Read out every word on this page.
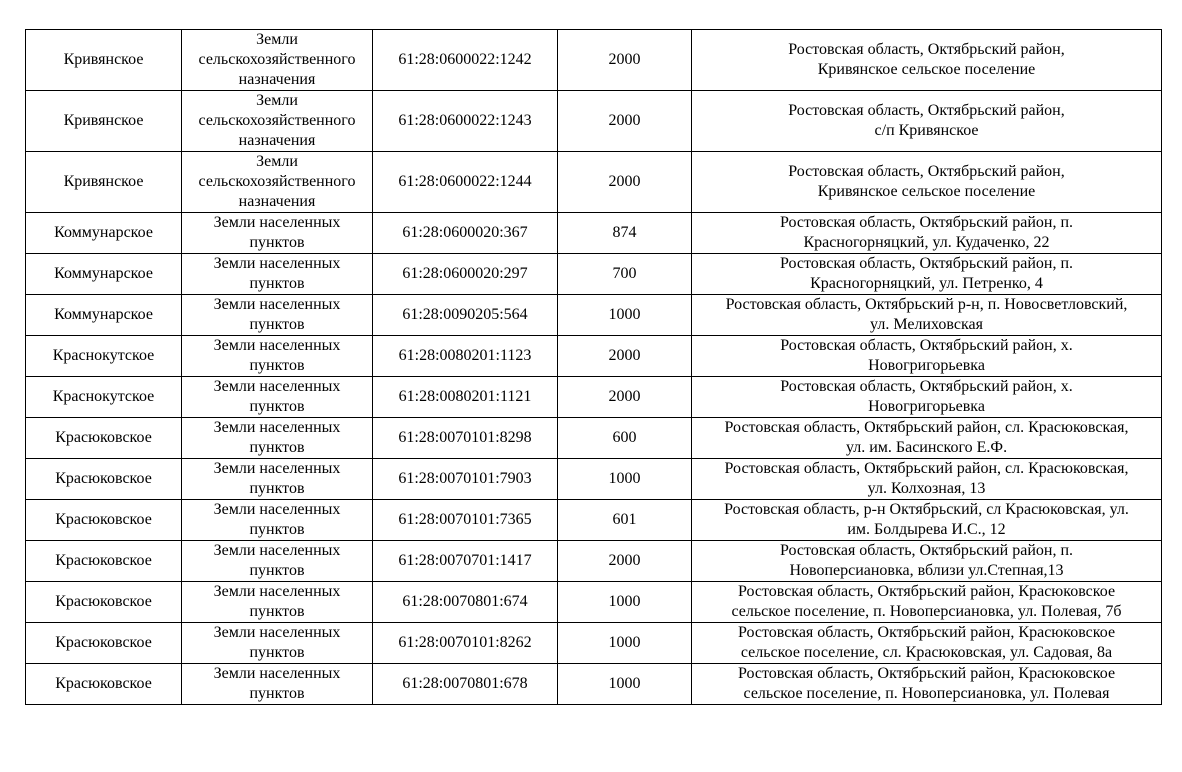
Кривянское	Земли сельскохозяйственного назначения	61:28:0600022:1242	2000	Ростовская область, Октябрьский район,
Кривянское сельское поселение

Кривянское	Земли сельскохозяйственного назначения	61:28:0600022:1243	2000	Ростовская область, Октябрьский район,
с/п Кривянское

Кривянское	Земли сельскохозяйственного назначения	61:28:0600022:1244	2000	Ростовская область, Октябрьский район,
Кривянское сельское поселение

Коммунарское	Земли населенных пунктов	61:28:0600020:367	874	Ростовская область, Октябрьский район, п.
Красногорняцкий, ул. Кудаченко, 22

Коммунарское	Земли населенных пунктов	61:28:0600020:297	700	Ростовская область, Октябрьский район, п.
Красногорняцкий, ул. Петренко, 4

Коммунарское	Земли населенных пунктов	61:28:0090205:564	1000	Ростовская область, Октябрьский р-н, п. Новосветловский,
ул. Мелиховская

Краснокутское	Земли населенных пунктов	61:28:0080201:1123	2000	Ростовская область, Октябрьский район, х.
Новогригорьевка

Краснокутское	Земли населенных пунктов	61:28:0080201:1121	2000	Ростовская область, Октябрьский район, х.
Новогригорьевка

Красюковское	Земли населенных пунктов	61:28:0070101:8298	600	Ростовская область, Октябрьский район, сл. Красюковская,
ул. им. Басинского Е.Ф.

Красюковское	Земли населенных пунктов	61:28:0070101:7903	1000	Ростовская область, Октябрьский район, сл. Красюковская,
ул. Колхозная, 13

Красюковское	Земли населенных пунктов	61:28:0070101:7365	601	Ростовская область, р-н Октябрьский, сл Красюковская, ул.
им. Болдырева И.С., 12

Красюковское	Земли населенных пунктов	61:28:0070701:1417	2000	Ростовская область, Октябрьский район, п.
Новоперсиановка, вблизи ул.Степная,13

Красюковское	Земли населенных пунктов	61:28:0070801:674	1000	Ростовская область, Октябрьский район, Красюковское
сельское поселение, п. Новоперсиановка, ул. Полевая, 7б

Красюковское	Земли населенных пунктов	61:28:0070101:8262	1000	Ростовская область, Октябрьский район, Красюковское
сельское поселение, сл. Красюковская, ул. Садовая, 8а

Красюковское	Земли населенных пунктов	61:28:0070801:678	1000	Ростовская область, Октябрьский район, Красюковское
сельское поселение, п. Новоперсиановка, ул. Полевая
